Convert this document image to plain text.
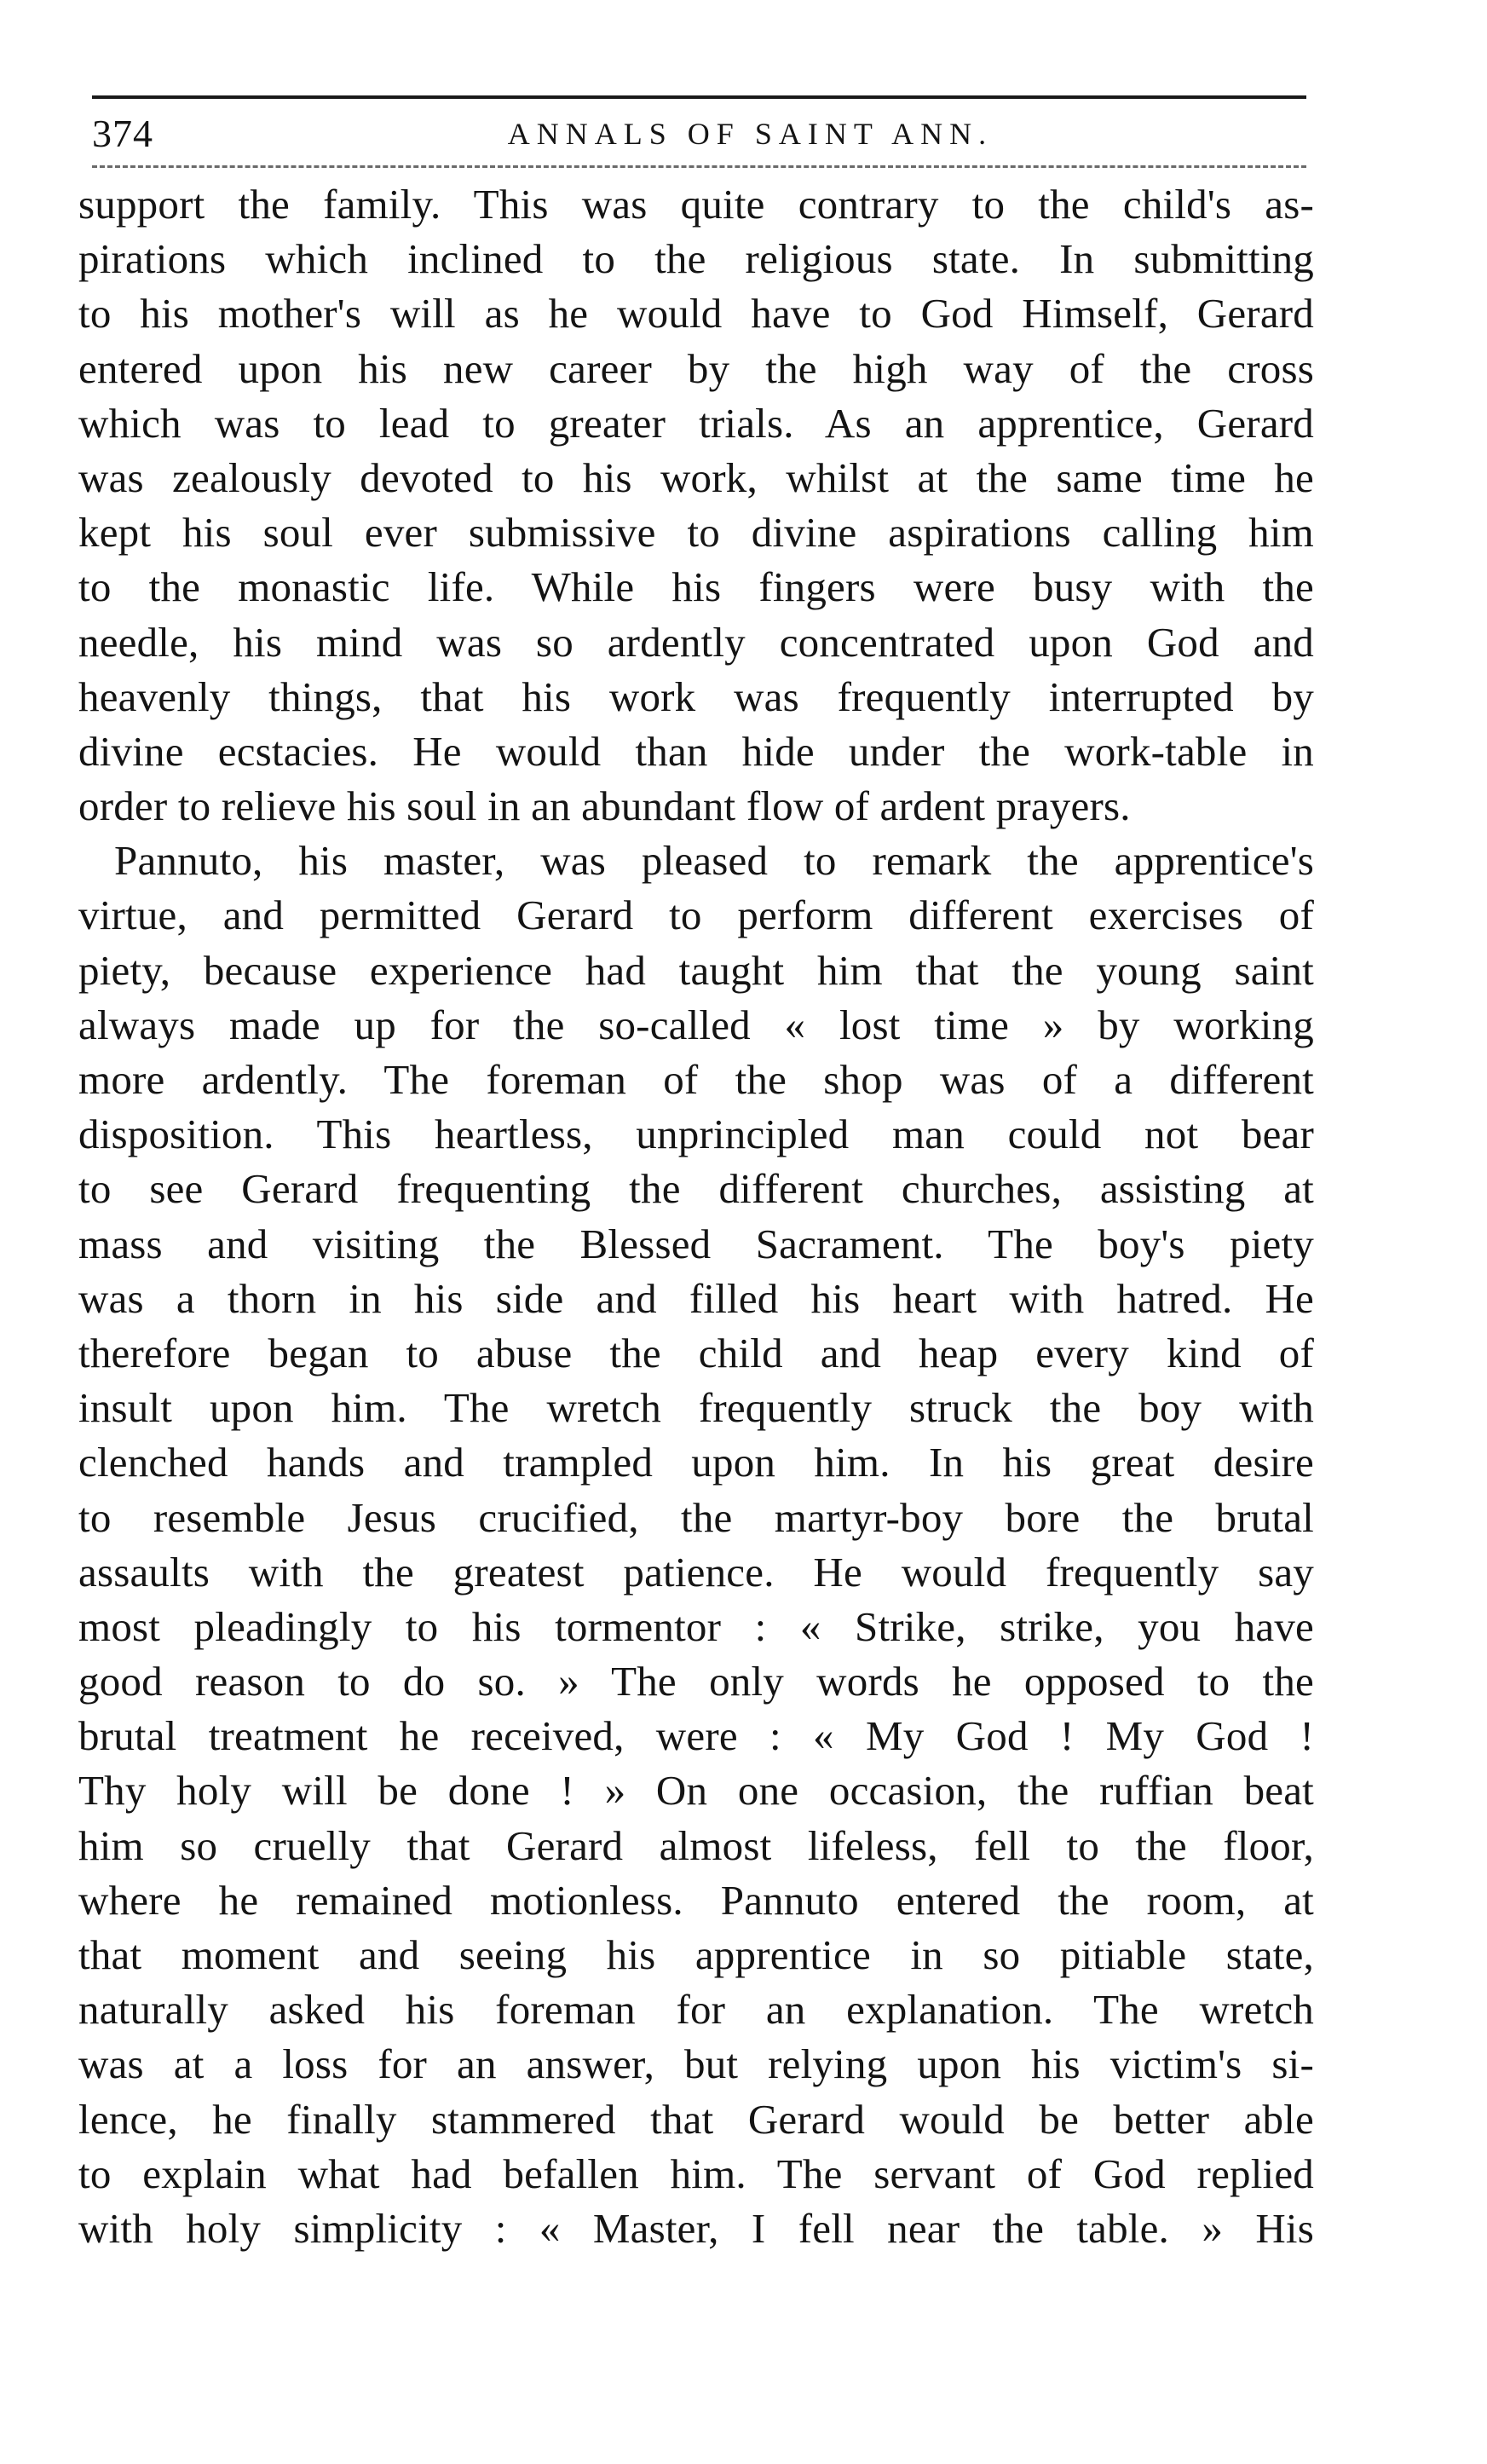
374	ANNALS OF SAINT ANN.
support the family. This was quite contrary to the child's as-
pirations which inclined to the religious state. In submitting
to his mother's will as he would have to God Himself, Gerard
entered upon his new career by the high way of the cross
which was to lead to greater trials. As an apprentice, Gerard
was zealously devoted to his work, whilst at the same time he
kept his soul ever submissive to divine aspirations calling him
to the monastic life. While his fingers were busy with the
needle, his mind was so ardently concentrated upon God and
heavenly things, that his work was frequently interrupted by
divine ecstacies. He would than hide under the work-table in
order to relieve his soul in an abundant flow of ardent prayers.
Pannuto, his master, was pleased to remark the apprentice's
virtue, and permitted Gerard to perform different exercises of
piety, because experience had taught him that the young saint
always made up for the so-called « lost time » by working
more ardently. The foreman of the shop was of a different
disposition. This heartless, unprincipled man could not bear
to see Gerard frequenting the different churches, assisting at
mass and visiting the Blessed Sacrament. The boy's piety
was a thorn in his side and filled his heart with hatred. He
therefore began to abuse the child and heap every kind of
insult upon him. The wretch frequently struck the boy with
clenched hands and trampled upon him. In his great desire
to resemble Jesus crucified, the martyr-boy bore the brutal
assaults with the greatest patience. He would frequently say
most pleadingly to his tormentor : « Strike, strike, you have
good reason to do so. » The only words he opposed to the
brutal treatment he received, were : « My God ! My God !
Thy holy will be done ! » On one occasion, the ruffian beat
him so cruelly that Gerard almost lifeless, fell to the floor,
where he remained motionless. Pannuto entered the room, at
that moment and seeing his apprentice in so pitiable state,
naturally asked his foreman for an explanation. The wretch
was at a loss for an answer, but relying upon his victim's si-
lence, he finally stammered that Gerard would be better able
to explain what had befallen him. The servant of God replied
with holy simplicity : « Master, I fell near the table. » His
